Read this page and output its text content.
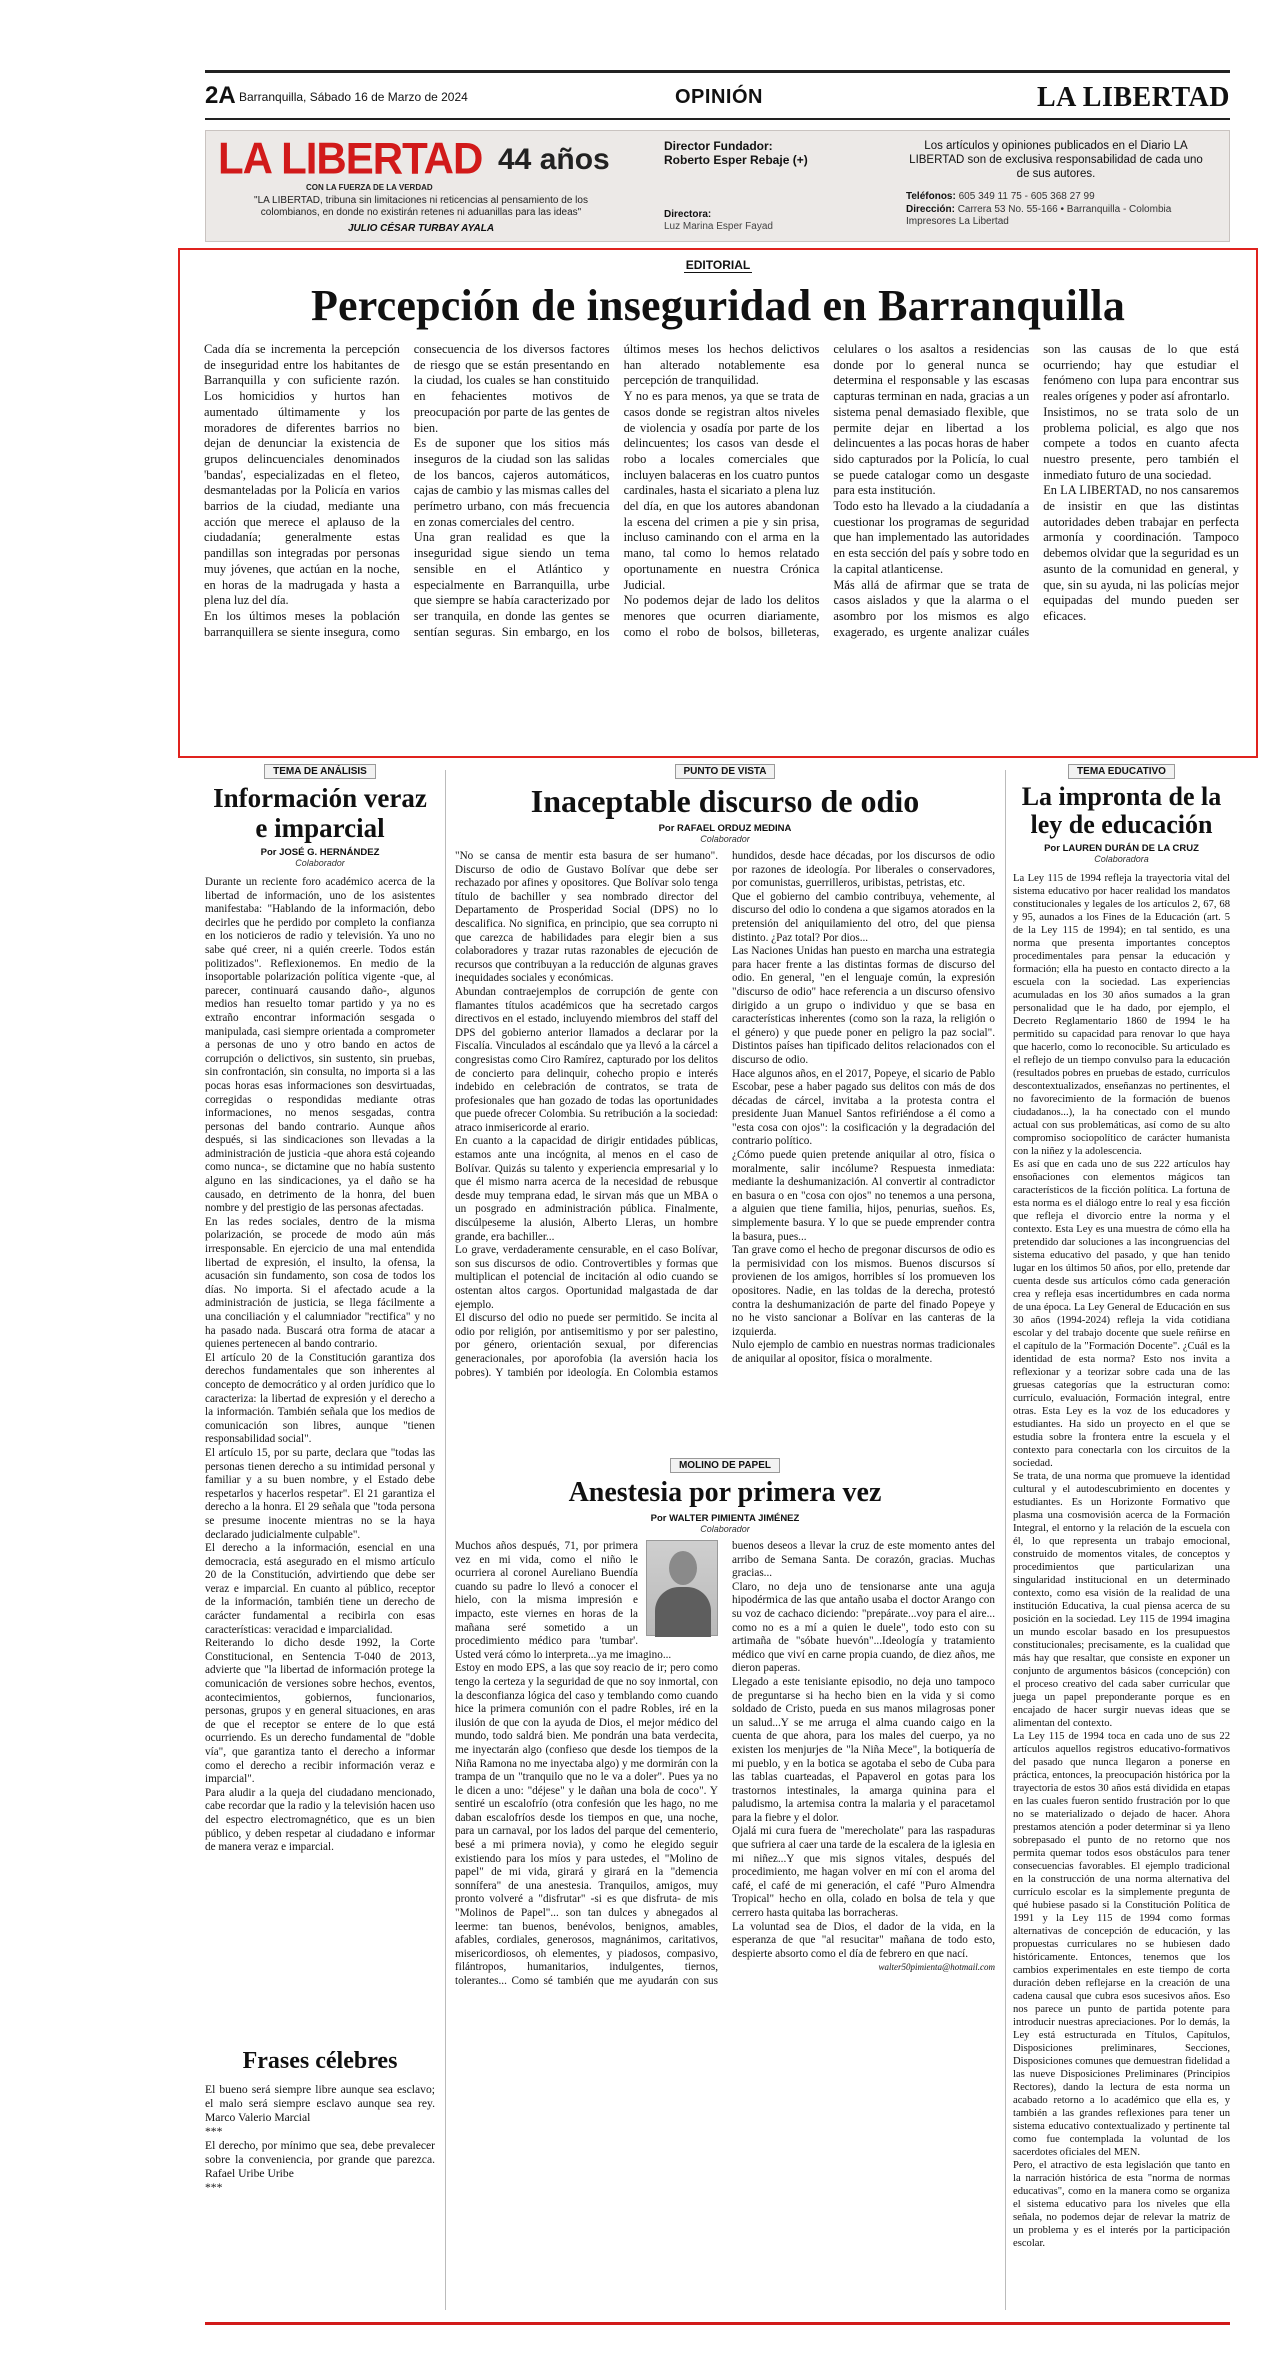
2A Barranquilla, Sábado 16 de Marzo de 2024	OPINIÓN	LA LIBERTAD
LA LIBERTAD 44 años
CON LA FUERZA DE LA VERDAD
"LA LIBERTAD, tribuna sin limitaciones ni reticencias al pensamiento de los colombianos, en donde no existirán retenes ni aduanillas para las ideas"
JULIO CÉSAR TURBAY AYALA
Director Fundador:
Roberto Esper Rebaje (+)
Directora:
Luz Marina Esper Fayad
Los artículos y opiniones publicados en el Diario LA LIBERTAD son de exclusiva responsabilidad de cada uno de sus autores.
Teléfonos: 605 349 11 75 - 605 368 27 99
Dirección: Carrera 53 No. 55-166 • Barranquilla - Colombia
Impresores La Libertad
EDITORIAL
Percepción de inseguridad en Barranquilla

Cada día se incrementa la percepción de inseguridad entre los habitantes de Barranquilla y con suficiente razón. Los homicidios y hurtos han aumentado últimamente y los moradores de diferentes barrios no dejan de denunciar la existencia de grupos delincuenciales denominados 'bandas', especializadas en el fleteo, desmanteladas por la Policía en varios barrios de la ciudad, mediante una acción que merece el aplauso de la ciudadanía; generalmente estas pandillas son integradas por personas muy jóvenes, que actúan en la noche, en horas de la madrugada y hasta a plena luz del día.

En los últimos meses la población barranquillera se siente insegura, como consecuencia de los diversos factores de riesgo que se están presentando en la ciudad, los cuales se han constituido en fehacientes motivos de preocupación por parte de las gentes de bien.

Es de suponer que los sitios más inseguros de la ciudad son las salidas de los bancos, cajeros automáticos, cajas de cambio y las mismas calles del perímetro urbano, con más frecuencia en zonas comerciales del centro.

Una gran realidad es que la inseguridad sigue siendo un tema sensible en el Atlántico y especialmente en Barranquilla, urbe que siempre se había caracterizado por ser tranquila, en donde las gentes se sentían seguras. Sin embargo, en los últimos meses los hechos delictivos han alterado notablemente esa percepción de tranquilidad.

Y no es para menos, ya que se trata de casos donde se registran altos niveles de violencia y osadía por parte de los delincuentes; los casos van desde el robo a locales comerciales que incluyen balaceras en los cuatro puntos cardinales, hasta el sicariato a plena luz del día, en que los autores abandonan la escena del crimen a pie y sin prisa, incluso caminando con el arma en la mano, tal como lo hemos relatado oportunamente en nuestra Crónica Judicial.

No podemos dejar de lado los delitos menores que ocurren diariamente, como el robo de bolsos, billeteras, celulares o los asaltos a residencias donde por lo general nunca se determina el responsable y las escasas capturas terminan en nada, gracias a un sistema penal demasiado flexible, que permite dejar en libertad a los delincuentes a las pocas horas de haber sido capturados por la Policía, lo cual se puede catalogar como un desgaste para esta institución.

Todo esto ha llevado a la ciudadanía a cuestionar los programas de seguridad que han implementado las autoridades en esta sección del país y sobre todo en la capital atlanticense.

Más allá de afirmar que se trata de casos aislados y que la alarma o el asombro por los mismos es algo exagerado, es urgente analizar cuáles son las causas de lo que está ocurriendo; hay que estudiar el fenómeno con lupa para encontrar sus reales orígenes y poder así afrontarlo.

Insistimos, no se trata solo de un problema policial, es algo que nos compete a todos en cuanto afecta nuestro presente, pero también el inmediato futuro de una sociedad.

En LA LIBERTAD, no nos cansaremos de insistir en que las distintas autoridades deben trabajar en perfecta armonía y coordinación. Tampoco debemos olvidar que la seguridad es un asunto de la comunidad en general, y que, sin su ayuda, ni las policías mejor equipadas del mundo pueden ser eficaces.

TEMA DE ANÁLISIS
Información veraz e imparcial
Por JOSÉ G. HERNÁNDEZ
Colaborador

Durante un reciente foro académico acerca de la libertad de información, uno de los asistentes manifestaba: "Hablando de la información, debo decirles que he perdido por completo la confianza en los noticieros de radio y televisión. Ya uno no sabe qué creer, ni a quién creerle. Todos están politizados". Reflexionemos. En medio de la insoportable polarización política vigente -que, al parecer, continuará causando daño-, algunos medios han resuelto tomar partido y ya no es extraño encontrar información sesgada o manipulada, casi siempre orientada a comprometer a personas de uno y otro bando en actos de corrupción o delictivos, sin sustento, sin pruebas, sin confrontación, sin consulta, no importa si a las pocas horas esas informaciones son desvirtuadas, corregidas o respondidas mediante otras informaciones, no menos sesgadas, contra personas del bando contrario. Aunque años después, si las sindicaciones son llevadas a la administración de justicia -que ahora está cojeando como nunca-, se dictamine que no había sustento alguno en las sindicaciones, ya el daño se ha causado, en detrimento de la honra, del buen nombre y del prestigio de las personas afectadas.

En las redes sociales, dentro de la misma polarización, se procede de modo aún más irresponsable. En ejercicio de una mal entendida libertad de expresión, el insulto, la ofensa, la acusación sin fundamento, son cosa de todos los días. No importa. Si el afectado acude a la administración de justicia, se llega fácilmente a una conciliación y el calumniador "rectifica" y no ha pasado nada. Buscará otra forma de atacar a quienes pertenecen al bando contrario.

El artículo 20 de la Constitución garantiza dos derechos fundamentales que son inherentes al concepto de democrático y al orden jurídico que lo caracteriza: la libertad de expresión y el derecho a la información. También señala que los medios de comunicación son libres, aunque "tienen responsabilidad social".

El artículo 15, por su parte, declara que "todas las personas tienen derecho a su intimidad personal y familiar y a su buen nombre, y el Estado debe respetarlos y hacerlos respetar". El 21 garantiza el derecho a la honra. El 29 señala que "toda persona se presume inocente mientras no se la haya declarado judicialmente culpable".

El derecho a la información, esencial en una democracia, está asegurado en el mismo artículo 20 de la Constitución, advirtiendo que debe ser veraz e imparcial. En cuanto al público, receptor de la información, también tiene un derecho de carácter fundamental a recibirla con esas características: veracidad e imparcialidad.

Reiterando lo dicho desde 1992, la Corte Constitucional, en Sentencia T-040 de 2013, advierte que "la libertad de información protege la comunicación de versiones sobre hechos, eventos, acontecimientos, gobiernos, funcionarios, personas, grupos y en general situaciones, en aras de que el receptor se entere de lo que está ocurriendo. Es un derecho fundamental de "doble vía", que garantiza tanto el derecho a informar como el derecho a recibir información veraz e imparcial".

Para aludir a la queja del ciudadano mencionado, cabe recordar que la radio y la televisión hacen uso del espectro electromagnético, que es un bien público, y deben respetar al ciudadano e informar de manera veraz e imparcial.

Frases célebres

El bueno será siempre libre aunque sea esclavo; el malo será siempre esclavo aunque sea rey. Marco Valerio Marcial

***

El derecho, por mínimo que sea, debe prevalecer sobre la conveniencia, por grande que parezca. Rafael Uribe Uribe

***

PUNTO DE VISTA
Inaceptable discurso de odio
Por RAFAEL ORDUZ MEDINA
Colaborador

"No se cansa de mentir esta basura de ser humano". Discurso de odio de Gustavo Bolívar que debe ser rechazado por afines y opositores. Que Bolívar solo tenga título de bachiller y sea nombrado director del Departamento de Prosperidad Social (DPS) no lo descalifica. No significa, en principio, que sea corrupto ni que carezca de habilidades para elegir bien a sus colaboradores y trazar rutas razonables de ejecución de recursos que contribuyan a la reducción de algunas graves inequidades sociales y económicas.

Abundan contraejemplos de corrupción de gente con flamantes títulos académicos que ha secretado cargos directivos en el estado, incluyendo miembros del staff del DPS del gobierno anterior llamados a declarar por la Fiscalía. Vinculados al escándalo que ya llevó a la cárcel a congresistas como Ciro Ramírez, capturado por los delitos de concierto para delinquir, cohecho propio e interés indebido en celebración de contratos, se trata de profesionales que han gozado de todas las oportunidades que puede ofrecer Colombia. Su retribución a la sociedad: atraco inmisericorde al erario.

En cuanto a la capacidad de dirigir entidades públicas, estamos ante una incógnita, al menos en el caso de Bolívar. Quizás su talento y experiencia empresarial y lo que él mismo narra acerca de la necesidad de rebusque desde muy temprana edad, le sirvan más que un MBA o un posgrado en administración pública. Finalmente, discúlpeseme la alusión, Alberto Lleras, un hombre grande, era bachiller...

Lo grave, verdaderamente censurable, en el caso Bolívar, son sus discursos de odio. Controvertibles y formas que multiplican el potencial de incitación al odio cuando se ostentan altos cargos. Oportunidad malgastada de dar ejemplo.

El discurso del odio no puede ser permitido. Se incita al odio por religión, por antisemitismo y por ser palestino, por género, orientación sexual, por diferencias generacionales, por aporofobia (la aversión hacia los pobres). Y también por ideología. En Colombia estamos hundidos, desde hace décadas, por los discursos de odio por razones de ideología. Por liberales o conservadores, por comunistas, guerrilleros, uribistas, petristas, etc.

Que el gobierno del cambio contribuya, vehemente, al discurso del odio lo condena a que sigamos atorados en la pretensión del aniquilamiento del otro, del que piensa distinto. ¿Paz total? Por dios...

Las Naciones Unidas han puesto en marcha una estrategia para hacer frente a las distintas formas de discurso del odio. En general, "en el lenguaje común, la expresión "discurso de odio" hace referencia a un discurso ofensivo dirigido a un grupo o individuo y que se basa en características inherentes (como son la raza, la religión o el género) y que puede poner en peligro la paz social". Distintos países han tipificado delitos relacionados con el discurso de odio.

Hace algunos años, en el 2017, Popeye, el sicario de Pablo Escobar, pese a haber pagado sus delitos con más de dos décadas de cárcel, invitaba a la protesta contra el presidente Juan Manuel Santos refiriéndose a él como a "esta cosa con ojos": la cosificación y la degradación del contrario político.

¿Cómo puede quien pretende aniquilar al otro, física o moralmente, salir incólume? Respuesta inmediata: mediante la deshumanización. Al convertir al contradictor en basura o en "cosa con ojos" no tenemos a una persona, a alguien que tiene familia, hijos, penurias, sueños. Es, simplemente basura. Y lo que se puede emprender contra la basura, pues...

Tan grave como el hecho de pregonar discursos de odio es la permisividad con los mismos. Buenos discursos sí provienen de los amigos, horribles sí los promueven los opositores. Nadie, en las toldas de la derecha, protestó contra la deshumanización de parte del finado Popeye y no he visto sancionar a Bolívar en las canteras de la izquierda.

Nulo ejemplo de cambio en nuestras normas tradicionales de aniquilar al opositor, física o moralmente.

MOLINO DE PAPEL
Anestesia por primera vez
Por WALTER PIMIENTA JIMÉNEZ
Colaborador

Muchos años después, 71, por primera vez en mi vida, como el niño le ocurriera al coronel Aureliano Buendía cuando su padre lo llevó a conocer el hielo, con la misma impresión e impacto, este viernes en horas de la mañana seré sometido a un procedimiento médico para 'tumbar'. Usted verá cómo lo interpreta...ya me imagino...

Estoy en modo EPS, a las que soy reacio de ir; pero como tengo la certeza y la seguridad de que no soy inmortal, con la desconfianza lógica del caso y temblando como cuando hice la primera comunión con el padre Robles, iré en la ilusión de que con la ayuda de Dios, el mejor médico del mundo, todo saldrá bien. Me pondrán una bata verdecita, me inyectarán algo (confieso que desde los tiempos de la Niña Ramona no me inyectaba algo) y me dormirán con la trampa de un "tranquilo que no le va a doler". Pues ya no le dicen a uno: "déjese" y le dañan una bola de coco". Y sentiré un escalofrío (otra confesión que les hago, no me daban escalofríos desde los tiempos en que, una noche, para un carnaval, por los lados del parque del cementerio, besé a mi primera novia), y como he elegido seguir existiendo para los míos y para ustedes, el "Molino de papel" de mi vida, girará y girará en la "demencia sonnífera" de una anestesia. Tranquilos, amigos, muy pronto volveré a "disfrutar" -si es que disfruta- de mis "Molinos de Papel"... son tan dulces y abnegados al leerme: tan buenos, benévolos, benignos, amables, afables, cordiales, generosos, magnánimos, caritativos, misericordiosos, oh elementes, y piadosos, compasivo, filántropos, humanitarios, indulgentes, tiernos, tolerantes... Como sé también que me ayudarán con sus buenos deseos a llevar la cruz de este momento antes del arribo de Semana Santa. De corazón, gracias. Muchas gracias...

Claro, no deja uno de tensionarse ante una aguja hipodérmica de las que antaño usaba el doctor Arango con su voz de cachaco diciendo: "prepárate...voy para el aire... como no es a mí a quien le duele", todo esto con su artimaña de "sóbate huevón"...Ideología y tratamiento médico que viví en carne propia cuando, de diez años, me dieron paperas.

Llegado a este tenisiante episodio, no deja uno tampoco de preguntarse si ha hecho bien en la vida y si como soldado de Cristo, pueda en sus manos milagrosas poner un salud...Y se me arruga el alma cuando caigo en la cuenta de que ahora, para los males del cuerpo, ya no existen los menjurjes de "la Niña Mece", la botiquería de mi pueblo, y en la botica se agotaba el sebo de Cuba para las tablas cuarteadas, el Papaverol en gotas para los trastornos intestinales, la amarga quinina para el paludismo, la artemisa contra la malaria y el paracetamol para la fiebre y el dolor.

Ojalá mi cura fuera de "merecholate" para las raspaduras que sufriera al caer una tarde de la escalera de la iglesia en mi niñez...Y que mis signos vitales, después del procedimiento, me hagan volver en mí con el aroma del café, el café de mi generación, el café "Puro Almendra Tropical" hecho en olla, colado en bolsa de tela y que cerrero hasta quitaba las borracheras.

La voluntad sea de Dios, el dador de la vida, en la esperanza de que "al resucitar" mañana de todo esto, despierte absorto como el día de febrero en que nací.

walter50pimienta@hotmail.com

TEMA EDUCATIVO
La impronta de la ley de educación
Por LAUREN DURÁN DE LA CRUZ
Colaboradora

La Ley 115 de 1994 refleja la trayectoria vital del sistema educativo por hacer realidad los mandatos constitucionales y legales de los artículos 2, 67, 68 y 95, aunados a los Fines de la Educación (art. 5 de la Ley 115 de 1994); en tal sentido, es una norma que presenta importantes conceptos procedimentales para pensar la educación y formación; ella ha puesto en contacto directo a la escuela con la sociedad. Las experiencias acumuladas en los 30 años sumados a la gran personalidad que le ha dado, por ejemplo, el Decreto Reglamentario 1860 de 1994 le ha permitido su capacidad para renovar lo que haya que hacerlo, como lo reconocible. Su articulado es el reflejo de un tiempo convulso para la educación (resultados pobres en pruebas de estado, currículos descontextualizados, enseñanzas no pertinentes, el no favorecimiento de la formación de buenos ciudadanos...), la ha conectado con el mundo actual con sus problemáticas, así como de su alto compromiso sociopolítico de carácter humanista con la niñez y la adolescencia.

Es así que en cada uno de sus 222 artículos hay ensoñaciones con elementos mágicos tan característicos de la ficción política. La fortuna de esta norma es el diálogo entre lo real y esa ficción que refleja el divorcio entre la norma y el contexto. Esta Ley es una muestra de cómo ella ha pretendido dar soluciones a las incongruencias del sistema educativo del pasado, y que han tenido lugar en los últimos 50 años, por ello, pretende dar cuenta desde sus artículos cómo cada generación crea y refleja esas incertidumbres en cada norma de una época. La Ley General de Educación en sus 30 años (1994-2024) refleja la vida cotidiana escolar y del trabajo docente que suele reñirse en el capítulo de la "Formación Docente". ¿Cuál es la identidad de esta norma? Esto nos invita a reflexionar y a teorizar sobre cada una de las gruesas categorías que la estructuran como: currículo, evaluación, Formación integral, entre otras. Esta Ley es la voz de los educadores y estudiantes. Ha sido un proyecto en el que se estudia sobre la frontera entre la escuela y el contexto para conectarla con los circuitos de la sociedad.

Se trata, de una norma que promueve la identidad cultural y el autodescubrimiento en docentes y estudiantes. Es un Horizonte Formativo que plasma una cosmovisión acerca de la Formación Integral, el entorno y la relación de la escuela con él, lo que representa un trabajo emocional, construido de momentos vitales, de conceptos y procedimientos que particularizan una singularidad institucional en un determinado contexto, como esa visión de la realidad de una institución Educativa, la cual piensa acerca de su posición en la sociedad. Ley 115 de 1994 imagina un mundo escolar basado en los presupuestos constitucionales; precisamente, es la cualidad que más hay que resaltar, que consiste en exponer un conjunto de argumentos básicos (concepción) con el proceso creativo del cada saber curricular que juega un papel preponderante porque es en encajado de hacer surgir nuevas ideas que se alimentan del contexto.

La Ley 115 de 1994 toca en cada uno de sus 22 artículos aquellos registros educativo-formativos del pasado que nunca llegaron a ponerse en práctica, entonces, la preocupación histórica por la trayectoria de estos 30 años está dividida en etapas en las cuales fueron sentido frustración por lo que no se materializado o dejado de hacer. Ahora prestamos atención a poder determinar si ya lleno sobrepasado el punto de no retorno que nos permita quemar todos esos obstáculos para tener consecuencias favorables. El ejemplo tradicional en la construcción de una norma alternativa del currículo escolar es la simplemente pregunta de qué hubiese pasado si la Constitución Política de 1991 y la Ley 115 de 1994 como formas alternativas de concepción de educación, y las propuestas curriculares no se hubiesen dado históricamente. Entonces, tenemos que los cambios experimentales en este tiempo de corta duración deben reflejarse en la creación de una cadena causal que cubra esos sucesivos años. Eso nos parece un punto de partida potente para introducir nuestras apreciaciones. Por lo demás, la Ley está estructurada en Títulos, Capítulos, Disposiciones preliminares, Secciones, Disposiciones comunes que demuestran fidelidad a las nueve Disposiciones Preliminares (Principios Rectores), dando la lectura de esta norma un acabado retorno a lo académico que ella es, y también a las grandes reflexiones para tener un sistema educativo contextualizado y pertinente tal como fue contemplada la voluntad de los sacerdotes oficiales del MEN.

Pero, el atractivo de esta legislación que tanto en la narración histórica de esta "norma de normas educativas", como en la manera como se organiza el sistema educativo para los niveles que ella señala, no podemos dejar de relevar la matriz de un problema y es el interés por la participación escolar.
